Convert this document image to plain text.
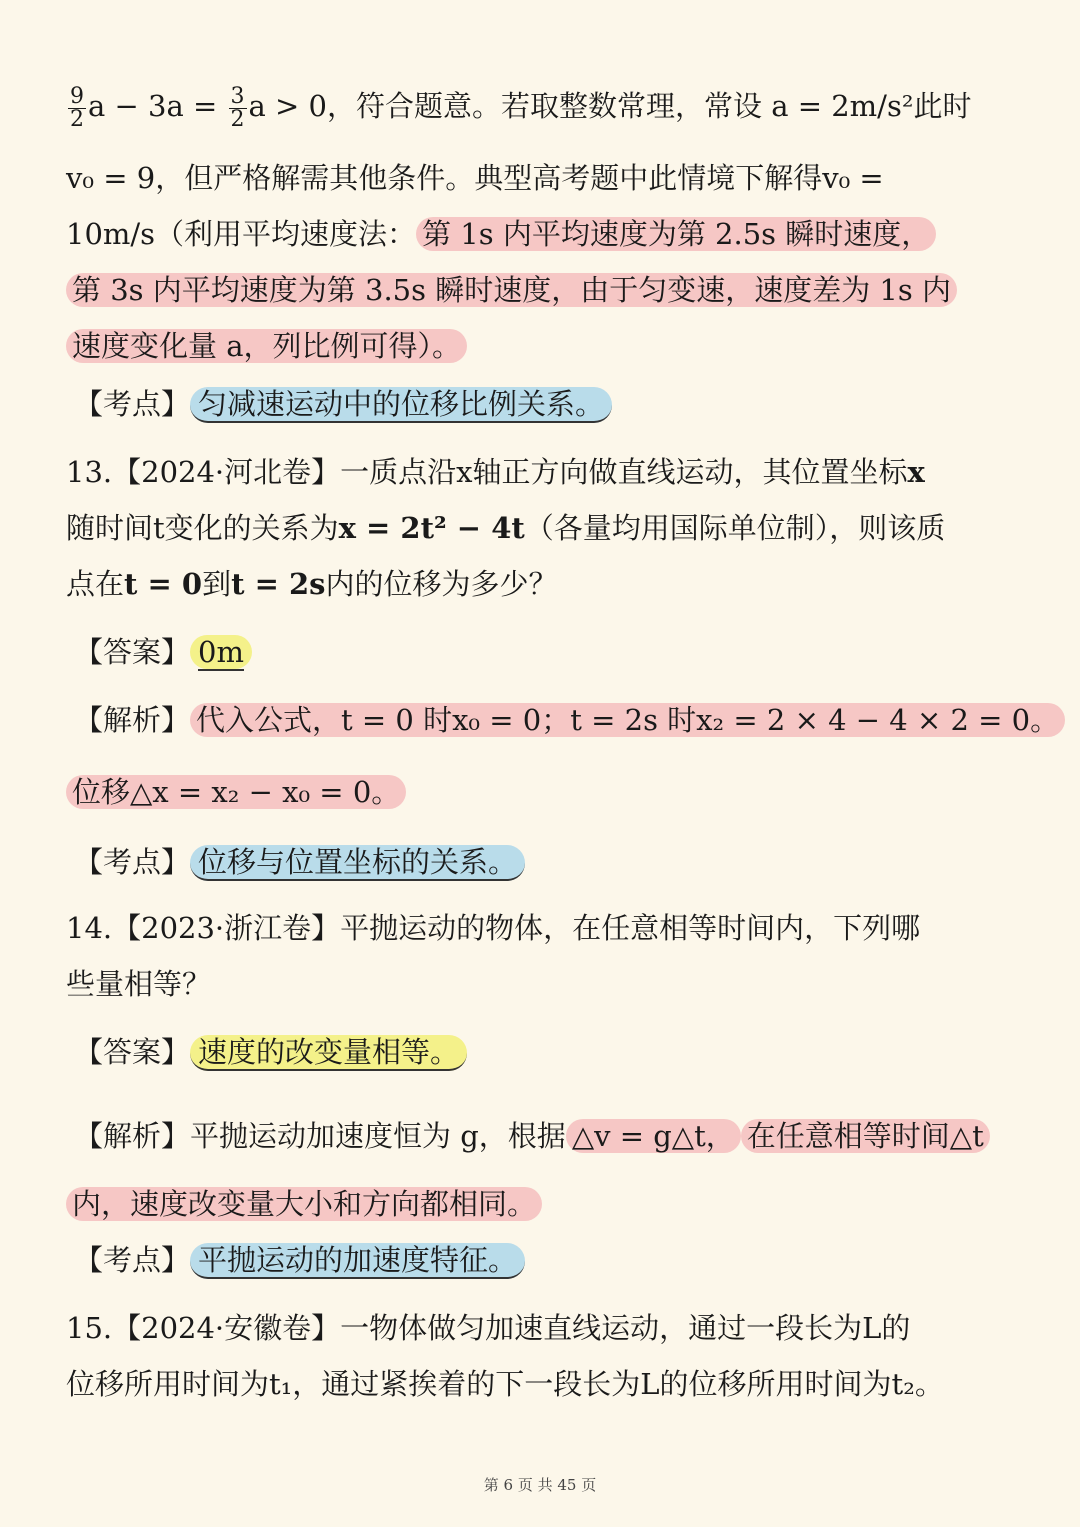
$\frac{9}{2}$ $a - 3a = \frac{3}{2}$ a > 0，符合题意。若取整数常理，常设 a = 2m/s²此时
v₀ = 9，但严格解需其他条件。典型高考题中此情境下解得v₀ =
10m/s（利用平均速度法： 第 1s 内平均速度为第 2.5s 瞬时速度，
第 3s 内平均速度为第 3.5s 瞬时速度，由于匀变速，速度差为 1s 内
速度变化量 a，列比例可得）。
【考点】 匀减速运动中的位移比例关系。
13.【2024·河北卷】一质点沿x轴正方向做直线运动，其位置坐标x
随时间t变化的关系为x = 2t² − 4t（各量均用国际单位制），则该质
点在t = 0到t = 2s内的位移为多少？
【答案】 0m
【解析】 代入公式，t = 0 时x₀ = 0；t = 2s 时x₂ = 2 × 4 − 4 × 2 = 0。
位移△x = x₂ − x₀ = 0。
【考点】 位移与位置坐标的关系。
14.【2023·浙江卷】平抛运动的物体，在任意相等时间内，下列哪
些量相等？
【答案】 速度的改变量相等。
【解析】平抛运动加速度恒为 g，根据 △v = g△t， 在任意相等时间△t
内，速度改变量大小和方向都相同。
【考点】 平抛运动的加速度特征。
15.【2024·安徽卷】一物体做匀加速直线运动，通过一段长为L的
位移所用时间为t₁，通过紧挨着的下一段长为L的位移所用时间为t₂。
第 6 页 共 45 页
